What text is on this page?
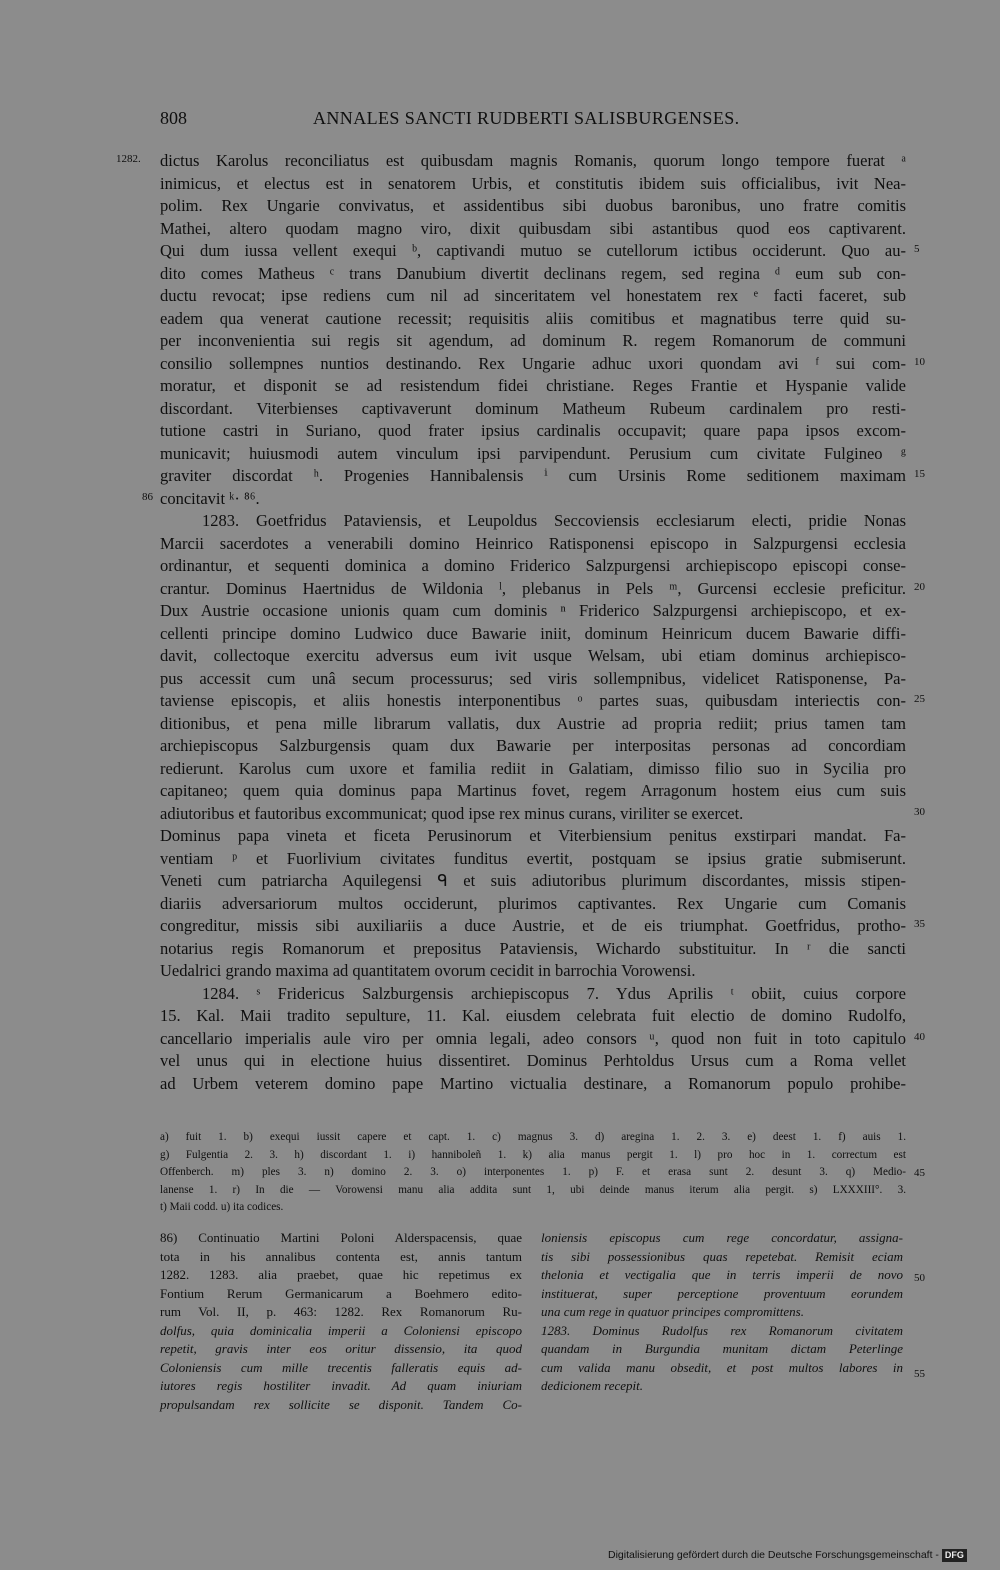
808	ANNALES SANCTI RUDBERTI SALISBURGENSES.
1282.
86
dictus Karolus reconciliatus est quibusdam magnis Romanis, quorum longo tempore fuerat ᵃ
inimicus, et electus est in senatorem Urbis, et constitutis ibidem suis officialibus, ivit Nea-
polim. Rex Ungarie convivatus, et assidentibus sibi duobus baronibus, uno fratre comitis
Mathei, altero quodam magno viro, dixit quibusdam sibi astantibus quod eos captivarent.
Qui dum iussa vellent exequi ᵇ, captivandi mutuo se cutellorum ictibus occiderunt. Quo au-
dito comes Matheus ᶜ trans Danubium divertit declinans regem, sed regina ᵈ eum sub con-
ductu revocat; ipse rediens cum nil ad sinceritatem vel honestatem rex ᵉ facti faceret, sub
eadem qua venerat cautione recessit; requisitis aliis comitibus et magnatibus terre quid su-
per inconvenientia sui regis sit agendum, ad dominum R. regem Romanorum de communi
consilio sollempnes nuntios destinando. Rex Ungarie adhuc uxori quondam avi ᶠ sui com-
moratur, et disponit se ad resistendum fidei christiane. Reges Frantie et Hyspanie valide
discordant. Viterbienses captivaverunt dominum Matheum Rubeum cardinalem pro resti-
tutione castri in Suriano, quod frater ipsius cardinalis occupavit; quare papa ipsos excom-
municavit; huiusmodi autem vinculum ipsi parvipendunt. Perusium cum civitate Fulgineo ᵍ
graviter discordat ʰ. Progenies Hannibalensis ⁱ cum Ursinis Rome seditionem maximam
concitavit ᵏ· ⁸⁶.
1283. Goetfridus Pataviensis, et Leupoldus Seccoviensis ecclesiarum electi, pridie Nonas
Marcii sacerdotes a venerabili domino Heinrico Ratisponensi episcopo in Salzpurgensi ecclesia
ordinantur, et sequenti dominica a domino Friderico Salzpurgensi archiepiscopo episcopi conse-
crantur. Dominus Haertnidus de Wildonia ˡ, plebanus in Pels ᵐ, Gurcensi ecclesie preficitur.
Dux Austrie occasione unionis quam cum dominis ⁿ Friderico Salzpurgensi archiepiscopo, et ex-
cellenti principe domino Ludwico duce Bawarie iniit, dominum Heinricum ducem Bawarie diffi-
davit, collectoque exercitu adversus eum ivit usque Welsam, ubi etiam dominus archiepisco-
pus accessit cum unâ secum processurus; sed viris sollempnibus, videlicet Ratisponense, Pa-
taviense episcopis, et aliis honestis interponentibus ᵒ partes suas, quibusdam interiectis con-
ditionibus, et pena mille librarum vallatis, dux Austrie ad propria rediit; prius tamen tam
archiepiscopus Salzburgensis quam dux Bawarie per interpositas personas ad concordiam
redierunt. Karolus cum uxore et familia rediit in Galatiam, dimisso filio suo in Sycilia pro
capitaneo; quem quia dominus papa Martinus fovet, regem Arragonum hostem eius cum suis
adiutoribus et fautoribus excommunicat; quod ipse rex minus curans, viriliter se exercet.
Dominus papa vineta et ficeta Perusinorum et Viterbiensium penitus exstirpari mandat. Fa-
ventiam ᵖ et Fuorlivium civitates funditus evertit, postquam se ipsius gratie submiserunt.
Veneti cum patriarcha Aquilegensi ᑫ et suis adiutoribus plurimum discordantes, missis stipen-
diariis adversariorum multos occiderunt, plurimos captivantes. Rex Ungarie cum Comanis
congreditur, missis sibi auxiliariis a duce Austrie, et de eis triumphat. Goetfridus, protho-
notarius regis Romanorum et prepositus Pataviensis, Wichardo substituitur. In ʳ die sancti
Uedalrici grando maxima ad quantitatem ovorum cecidit in barrochia Vorowensi.
1284. ˢ Fridericus Salzburgensis archiepiscopus 7. Ydus Aprilis ᵗ obiit, cuius corpore
15. Kal. Maii tradito sepulture, 11. Kal. eiusdem celebrata fuit electio de domino Rudolfo,
cancellario imperialis aule viro per omnia legali, adeo consors ᵘ, quod non fuit in toto capitulo
vel unus qui in electione huius dissentiret. Dominus Perhtoldus Ursus cum a Roma vellet
ad Urbem veterem domino pape Martino victualia destinare, a Romanorum populo prohibe-
5
10
15
20
25
30
35
40
a) fuit 1. b) exequi iussit capere et capt. 1. c) magnus 3. d) aregina 1. 2. 3. e) deest 1. f) auis 1.
g) Fulgentia 2. 3. h) discordant 1. i) hanniboleñ 1. k) alia manus pergit 1. l) pro hoc in 1. correctum est
Offenberch. m) ples 3. n) domino 2. 3. o) interponentes 1. p) F. et erasa sunt 2. desunt 3. q) Medio-
lanense 1. r) In die — Vorowensi manu alia addita sunt 1, ubi deinde manus iterum alia pergit. s) LXXXIII°. 3.
t) Maii codd. u) ita codices.
45
86) Continuatio Martini Poloni Alderspacensis, quae
tota in his annalibus contenta est, annis tantum
1282. 1283. alia praebet, quae hic repetimus ex
Fontium Rerum Germanicarum a Boehmero edito-
rum Vol. II, p. 463: 1282. Rex Romanorum Ru-
dolfus, quia dominicalia imperii a Coloniensi episcopo
repetit, gravis inter eos oritur dissensio, ita quod
Coloniensis cum mille trecentis falleratis equis ad-
iutores regis hostiliter invadit. Ad quam iniuriam
propulsandam rex sollicite se disponit. Tandem Co-
loniensis episcopus cum rege concordatur, assigna-
tis sibi possessionibus quas repetebat. Remisit eciam
thelonia et vectigalia que in terris imperii de novo
instituerat, super perceptione proventuum eorundem
una cum rege in quatuor principes compromittens.
1283. Dominus Rudolfus rex Romanorum civitatem
quandam in Burgundia munitam dictam Peterlinge
cum valida manu obsedit, et post multos labores in
dedicionem recepit.
50
55
Digitalisierung gefördert durch die Deutsche Forschungsgemeinschaft - DFG
